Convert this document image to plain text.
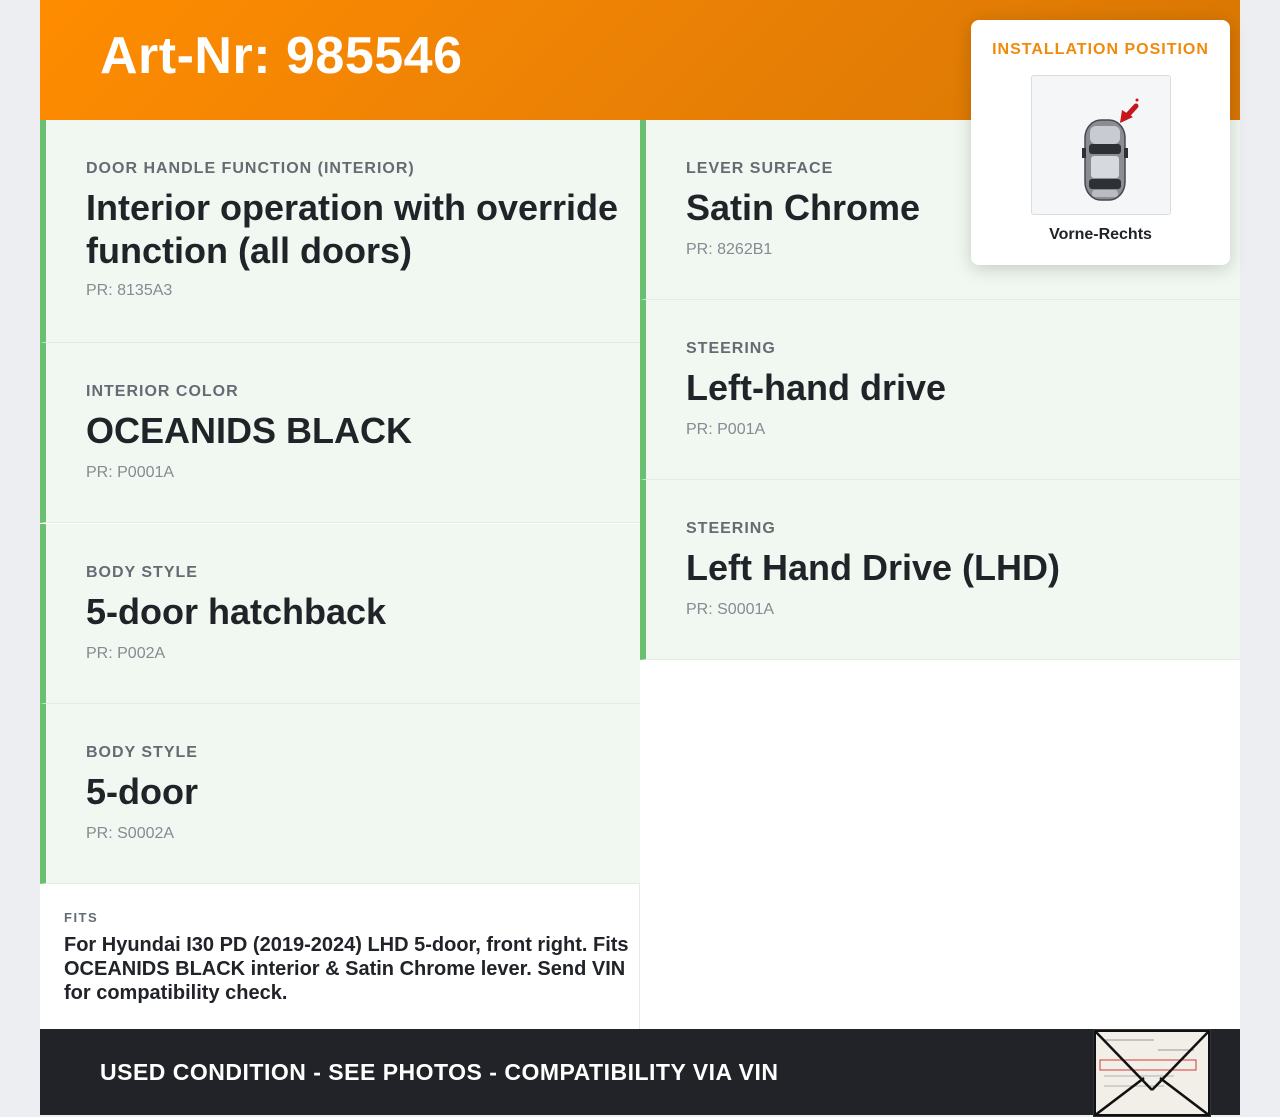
Art-Nr: 985546
DOOR HANDLE FUNCTION (INTERIOR)
Interior operation with override function (all doors)
PR: 8135A3
INTERIOR COLOR
OCEANIDS BLACK
PR: P0001A
BODY STYLE
5-door hatchback
PR: P002A
BODY STYLE
5-door
PR: S0002A
LEVER SURFACE
Satin Chrome
PR: 8262B1
STEERING
Left-hand drive
PR: P001A
STEERING
Left Hand Drive (LHD)
PR: S0001A
FITS
For Hyundai I30 PD (2019-2024) LHD 5-door, front right. Fits OCEANIDS BLACK interior & Satin Chrome lever. Send VIN for compatibility check.
USED CONDITION - SEE PHOTOS - COMPATIBILITY VIA VIN
INSTALLATION POSITION
Vorne-Rechts
